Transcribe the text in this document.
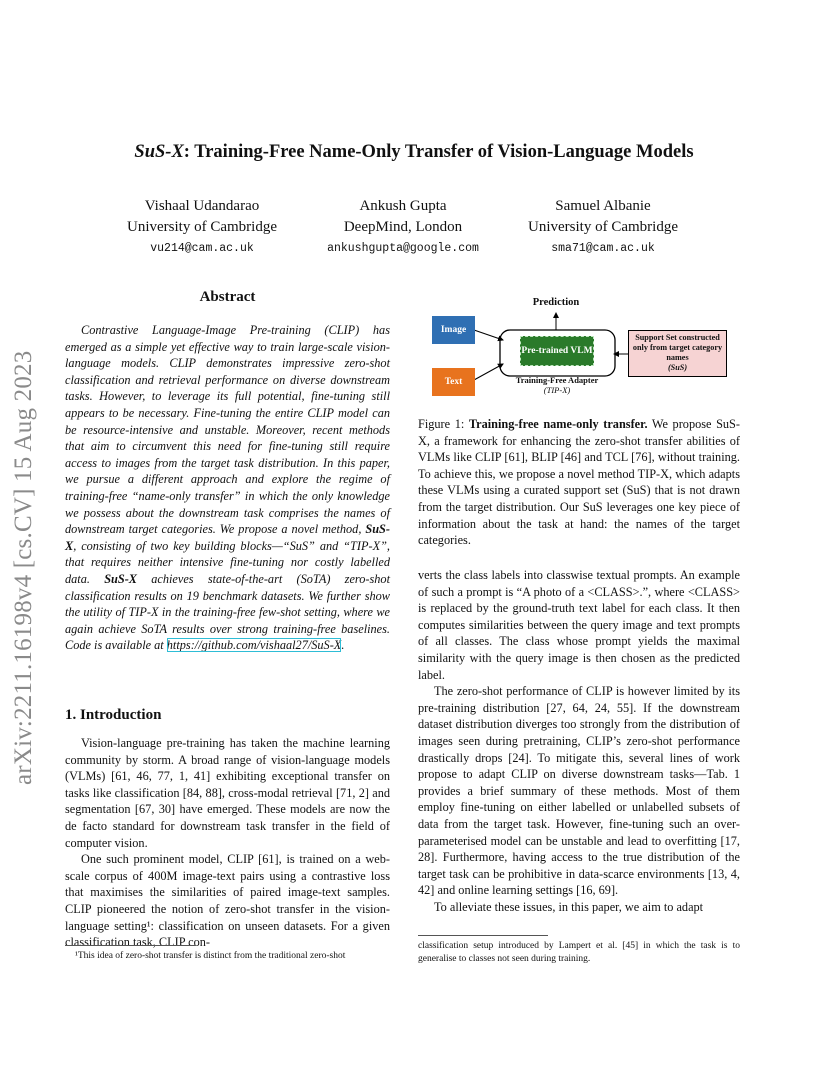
arXiv:2211.16198v4 [cs.CV] 15 Aug 2023
SuS-X: Training-Free Name-Only Transfer of Vision-Language Models
Vishaal Udandarao
University of Cambridge
vu214@cam.ac.uk
Ankush Gupta
DeepMind, London
ankushgupta@google.com
Samuel Albanie
University of Cambridge
sma71@cam.ac.uk
Abstract

Contrastive Language-Image Pre-training (CLIP) has emerged as a simple yet effective way to train large-scale vision-language models. CLIP demonstrates impressive zero-shot classification and retrieval performance on diverse downstream tasks. However, to leverage its full potential, fine-tuning still appears to be necessary. Fine-tuning the entire CLIP model can be resource-intensive and unstable. Moreover, recent methods that aim to circumvent this need for fine-tuning still require access to images from the target task distribution. In this paper, we pursue a different approach and explore the regime of training-free “name-only transfer” in which the only knowledge we possess about the downstream task comprises the names of downstream target categories. We propose a novel method, SuS-X, consisting of two key building blocks—“SuS” and “TIP-X”, that requires neither intensive fine-tuning nor costly labelled data. SuS-X achieves state-of-the-art (SoTA) zero-shot classification results on 19 benchmark datasets. We further show the utility of TIP-X in the training-free few-shot setting, where we again achieve SoTA results over strong training-free baselines. Code is available at https://github.com/vishaal27/SuS-X.

1. Introduction

Vision-language pre-training has taken the machine learning community by storm. A broad range of vision-language models (VLMs) [61, 46, 77, 1, 41] exhibiting exceptional transfer on tasks like classification [84, 88], cross-modal retrieval [71, 2] and segmentation [67, 30] have emerged. These models are now the de facto standard for downstream task transfer in the field of computer vision.

One such prominent model, CLIP [61], is trained on a web-scale corpus of 400M image-text pairs using a contrastive loss that maximises the similarities of paired image-text samples. CLIP pioneered the notion of zero-shot transfer in the vision-language setting¹: classification on unseen datasets. For a given classification task, CLIP con-

¹This idea of zero-shot transfer is distinct from the traditional zero-shot
Prediction
Image
Text
Pre-trained VLM
Training-Free Adapter
(TIP-X)
Support Set constructed only from target category names
(SuS)

Figure 1: Training-free name-only transfer. We propose SuS-X, a framework for enhancing the zero-shot transfer abilities of VLMs like CLIP [61], BLIP [46] and TCL [76], without training. To achieve this, we propose a novel method TIP-X, which adapts these VLMs using a curated support set (SuS) that is not drawn from the target distribution. Our SuS leverages one key piece of information about the task at hand: the names of the target categories.

verts the class labels into classwise textual prompts. An example of such a prompt is “A photo of a <CLASS>.”, where <CLASS> is replaced by the ground-truth text label for each class. It then computes similarities between the query image and text prompts of all classes. The class whose prompt yields the maximal similarity with the query image is then chosen as the predicted label.

The zero-shot performance of CLIP is however limited by its pre-training distribution [27, 64, 24, 55]. If the downstream dataset distribution diverges too strongly from the distribution of images seen during pretraining, CLIP’s zero-shot performance drastically drops [24]. To mitigate this, several lines of work propose to adapt CLIP on diverse downstream tasks—Tab. 1 provides a brief summary of these methods. Most of them employ fine-tuning on either labelled or unlabelled subsets of data from the target task. However, fine-tuning such an over-parameterised model can be unstable and lead to overfitting [17, 28]. Furthermore, having access to the true distribution of the target task can be prohibitive in data-scarce environments [13, 4, 42] and online learning settings [16, 69].

To alleviate these issues, in this paper, we aim to adapt

classification setup introduced by Lampert et al. [45] in which the task is to generalise to classes not seen during training.
